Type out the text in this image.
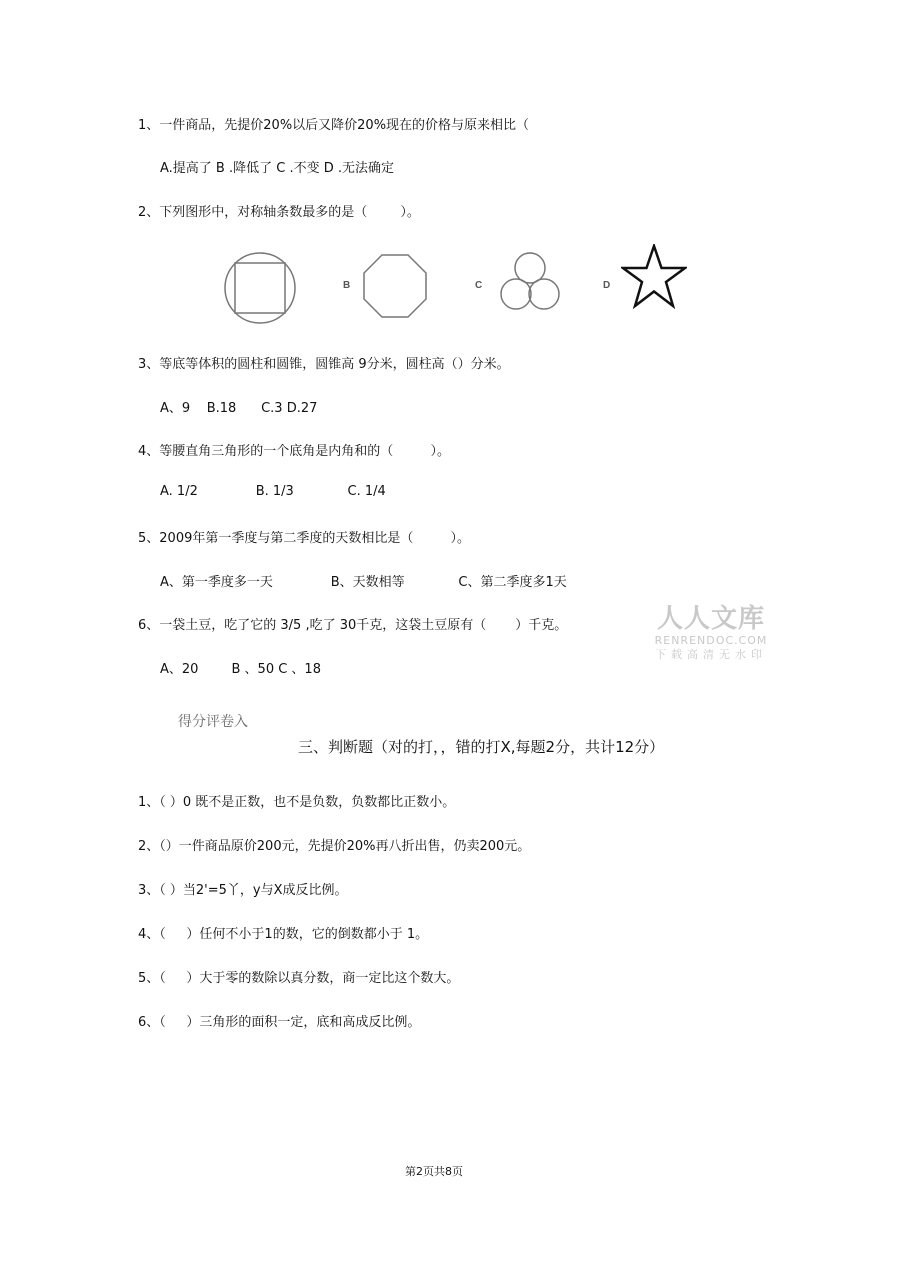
1、一件商品，先提价20%以后又降价20%现在的价格与原来相比（
A.提高了 B .降低了 C .不变 D .无法确定
2、下列图形中，对称轴条数最多的是（        ）。
B	C	D
3、等底等体积的圆柱和圆锥，圆锥高 9分米，圆柱高（）分米。
A、9    B.18      C.3 D.27
4、等腰直角三角形的一个底角是内角和的（         ）。
A. 1/2              B. 1/3             C. 1/4
5、2009年第一季度与第二季度的天数相比是（         ）。
A、第一季度多一天              B、天数相等             C、第二季度多1天
6、一袋土豆，吃了它的 3/5 ,吃了 30千克，这袋土豆原有（       ）千克。
A、20        B 、50 C 、18
人人文库
RENRENDOC.COM
下载高清无水印
得分评卷入
三、判断题（对的打，，错的打X,每题2分，共计12分）
1、（ ）0 既不是正数，也不是负数，负数都比正数小。
2、（）一件商品原价200元，先提价20%再八折出售，仍卖200元。
3、（ ）当2'=5丫，y与X成反比例。
4、（     ）任何不小于1的数，它的倒数都小于 1。
5、（     ）大于零的数除以真分数，商一定比这个数大。
6、（     ）三角形的面积一定，底和高成反比例。
第2页共8页
